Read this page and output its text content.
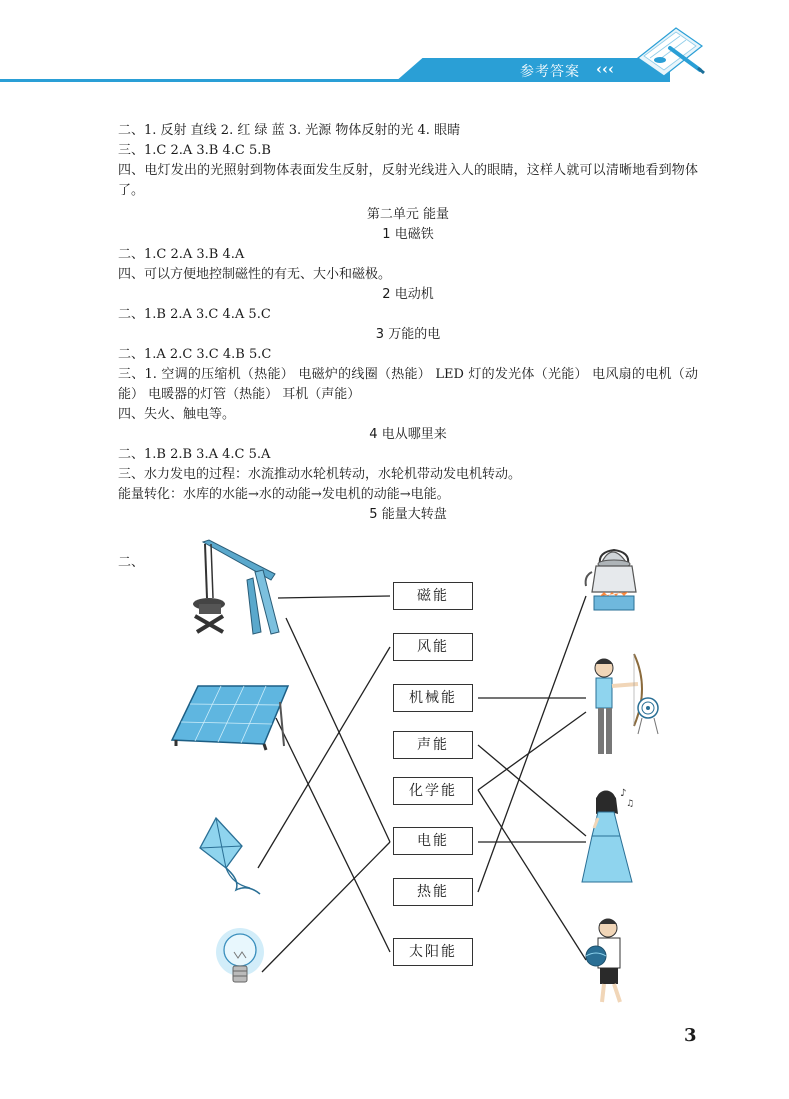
参考答案 ‹‹‹
二、1. 反射 直线 2. 红 绿 蓝 3. 光源 物体反射的光 4. 眼睛
三、1.C 2.A 3.B 4.C 5.B
四、电灯发出的光照射到物体表面发生反射，反射光线进入人的眼睛，这样人就可以清晰地看到物体了。
第二单元 能量
1 电磁铁
二、1.C 2.A 3.B 4.A
四、可以方便地控制磁性的有无、大小和磁极。
2 电动机
二、1.B 2.A 3.C 4.A 5.C
3 万能的电
二、1.A 2.C 3.C 4.B 5.C
三、1. 空调的压缩机（热能） 电磁炉的线圈（热能） LED 灯的发光体（光能） 电风扇的电机（动能） 电暖器的灯管（热能） 耳机（声能）
四、失火、触电等。
4 电从哪里来
二、1.B 2.B 3.A 4.C 5.A
三、水力发电的过程：水流推动水轮机转动，水轮机带动发电机转动。
能量转化：水库的水能→水的动能→发电机的动能→电能。
5 能量大转盘
二、
♪
♫
磁能
风能
机械能
声能
化学能
电能
热能
太阳能
3
